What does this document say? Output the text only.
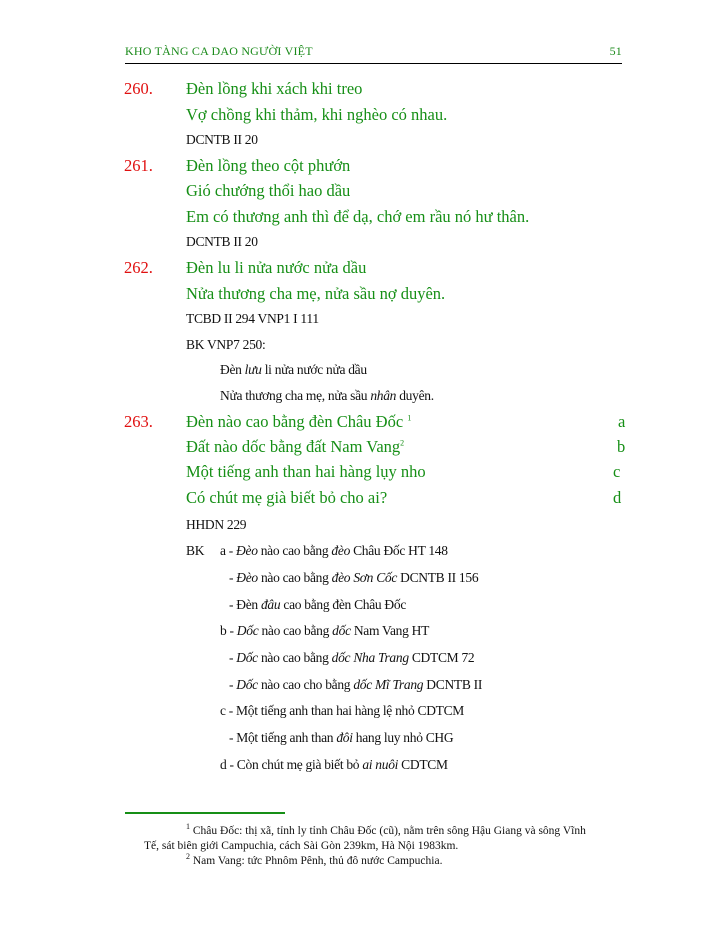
KHO TÀNG CA DAO NGƯỜI VIỆT	51
260. Đèn lồng khi xách khi treo
Vợ chồng khi thảm, khi nghèo có nhau.
DCNTB II 20
261. Đèn lồng theo cột phướn
Gió chướng thổi hao dầu
Em có thương anh thì để dạ, chớ em rầu nó hư thân.
DCNTB II 20
262. Đèn lu li nửa nước nửa dầu
Nửa thương cha mẹ, nửa sầu nợ duyên.
TCBD II 294 VNP1 I 111
BK VNP7 250:
Đèn lưu li nửa nước nửa dầu
Nửa thương cha mẹ, nửa sầu nhân duyên.
263. Đèn nào cao bằng đèn Châu Đốc $^1$	a
Đất nào dốc bằng đất Nam Vang$^2$	b
Một tiếng anh than hai hàng lụy nho	c
Có chút mẹ già biết bỏ cho ai?	d
HHDN 229
BK a - Đèo nào cao bằng đèo Châu Đốc HT 148
- Đèo nào cao bằng đèo Sơn Cốc DCNTB II 156
- Đèn đâu cao bằng đèn Châu Đốc
b - Dốc nào cao bằng dốc Nam Vang HT
- Dốc nào cao bằng dốc Nha Trang CDTCM 72
- Dốc nào cao cho bằng dốc Mĩ Trang DCNTB II
c - Một tiếng anh than hai hàng lệ nhỏ CDTCM
- Một tiếng anh than đôi hang luy nhỏ CHG
d - Còn chút mẹ già biết bỏ ai nuôi CDTCM
$^1$ Châu Đốc: thị xã, tỉnh ly tỉnh Châu Đốc (cũ), nằm trên sông Hậu Giang và sông Vĩnh
Tế, sát biên giới Campuchia, cách Sài Gòn 239km, Hà Nội 1983km.
$^2$ Nam Vang: tức Phnôm Pênh, thủ đô nước Campuchia.
